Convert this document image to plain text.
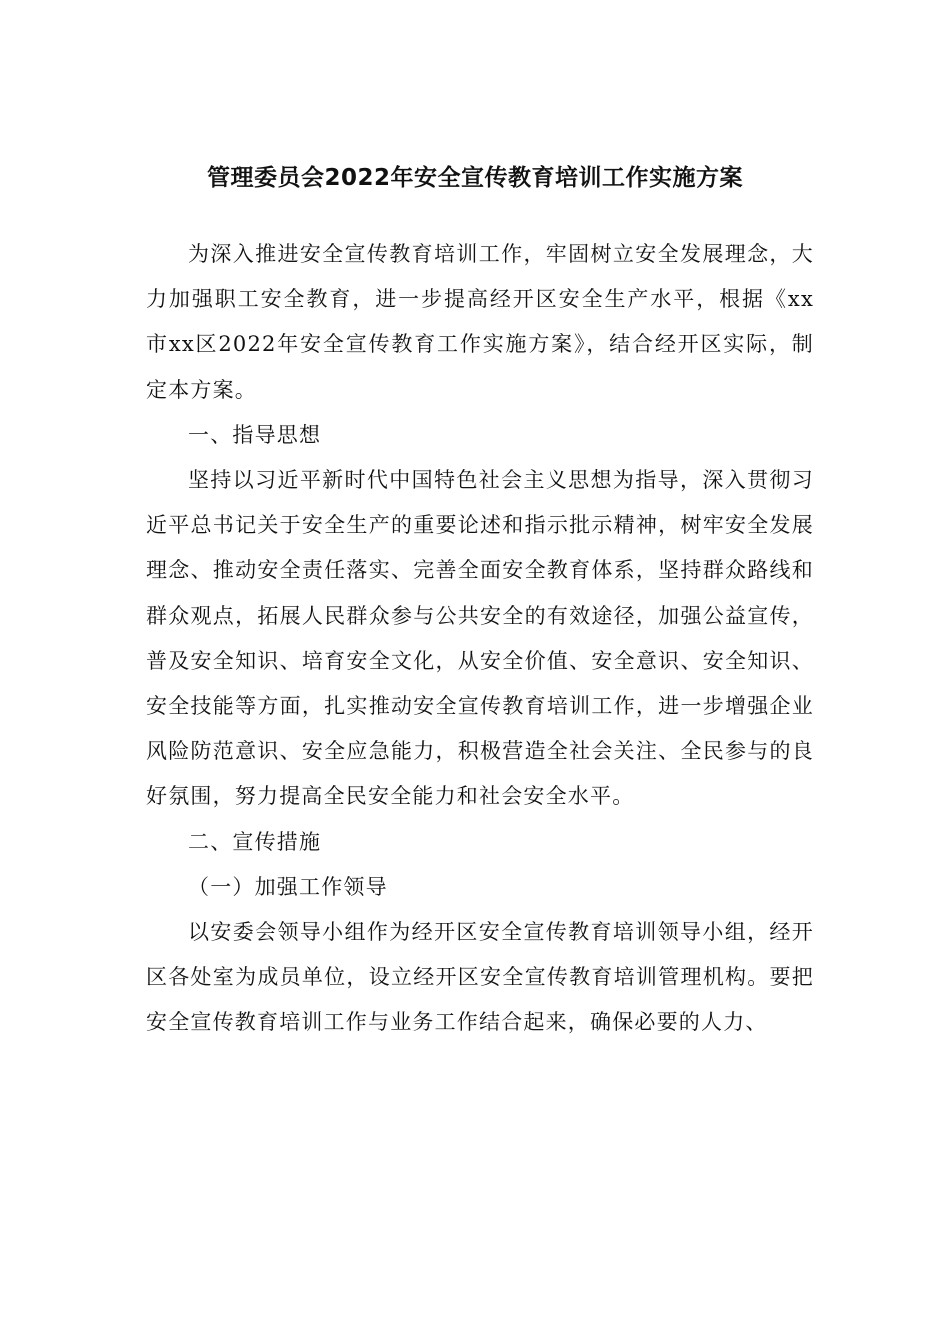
管理委员会2022年安全宣传教育培训工作实施方案

为深入推进安全宣传教育培训工作，牢固树立安全发展理念，大力加强职工安全教育，进一步提高经开区安全生产水平，根据《xx市xx区2022年安全宣传教育工作实施方案》，结合经开区实际，制定本方案。

一、指导思想

坚持以习近平新时代中国特色社会主义思想为指导，深入贯彻习近平总书记关于安全生产的重要论述和指示批示精神，树牢安全发展理念、推动安全责任落实、完善全面安全教育体系，坚持群众路线和群众观点，拓展人民群众参与公共安全的有效途径，加强公益宣传，普及安全知识、培育安全文化，从安全价值、安全意识、安全知识、安全技能等方面，扎实推动安全宣传教育培训工作，进一步增强企业风险防范意识、安全应急能力，积极营造全社会关注、全民参与的良好氛围，努力提高全民安全能力和社会安全水平。

二、宣传措施

（一）加强工作领导

以安委会领导小组作为经开区安全宣传教育培训领导小组，经开区各处室为成员单位，设立经开区安全宣传教育培训管理机构。要把安全宣传教育培训工作与业务工作结合起来，确保必要的人力、
